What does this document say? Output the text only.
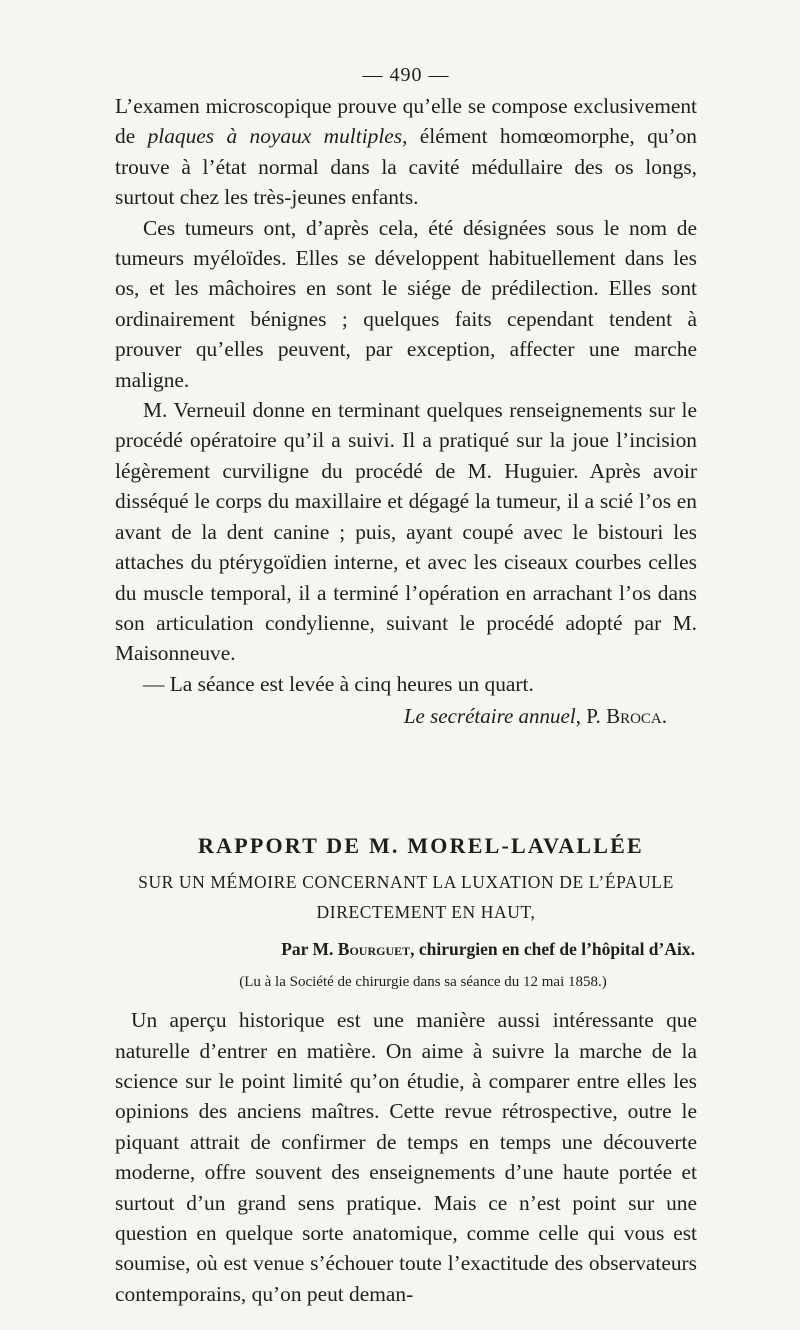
— 490 —

L’examen microscopique prouve qu’elle se compose exclusivement de plaques à noyaux multiples, élément homœomorphe, qu’on trouve à l’état normal dans la cavité médullaire des os longs, surtout chez les très-jeunes enfants.

Ces tumeurs ont, d’après cela, été désignées sous le nom de tumeurs myéloïdes. Elles se développent habituellement dans les os, et les mâchoires en sont le siége de prédilection. Elles sont ordinairement bénignes ; quelques faits cependant tendent à prouver qu’elles peuvent, par exception, affecter une marche maligne.

M. Verneuil donne en terminant quelques renseignements sur le procédé opératoire qu’il a suivi. Il a pratiqué sur la joue l’incision légèrement curviligne du procédé de M. Huguier. Après avoir disséqué le corps du maxillaire et dégagé la tumeur, il a scié l’os en avant de la dent canine ; puis, ayant coupé avec le bistouri les attaches du ptérygoïdien interne, et avec les ciseaux courbes celles du muscle temporal, il a terminé l’opération en arrachant l’os dans son articulation condylienne, suivant le procédé adopté par M. Maisonneuve.

— La séance est levée à cinq heures un quart.

Le secrétaire annuel, P. Broca.
RAPPORT DE M. MOREL-LAVALLÉE
SUR UN MÉMOIRE CONCERNANT LA LUXATION DE L’ÉPAULE
DIRECTEMENT EN HAUT,
Par M. Bourguet, chirurgien en chef de l’hôpital d’Aix.
(Lu à la Société de chirurgie dans sa séance du 12 mai 1858.)

Un aperçu historique est une manière aussi intéressante que naturelle d’entrer en matière. On aime à suivre la marche de la science sur le point limité qu’on étudie, à comparer entre elles les opinions des anciens maîtres. Cette revue rétrospective, outre le piquant attrait de confirmer de temps en temps une découverte moderne, offre souvent des enseignements d’une haute portée et surtout d’un grand sens pratique. Mais ce n’est point sur une question en quelque sorte anatomique, comme celle qui vous est soumise, où est venue s’échouer toute l’exactitude des observateurs contemporains, qu’on peut deman-
